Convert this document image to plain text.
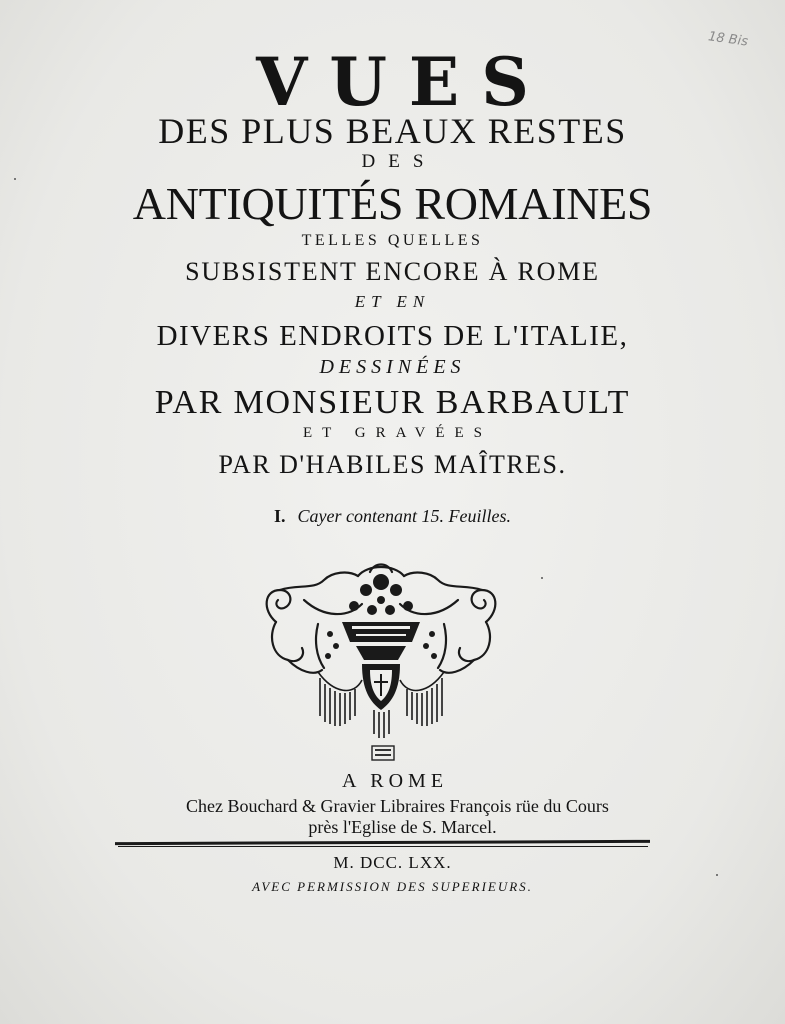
18 Bis
VUES
DES PLUS BEAUX RESTES
DES
ANTIQUITÉS ROMAINES
TELLES QUELLES
SUBSISTENT ENCORE À ROME
ET EN
DIVERS ENDROITS DE L'ITALIE,
DESSINÉES
PAR MONSIEUR BARBAULT
ET GRAVÉES
PAR D'HABILES MAÎTRES.
I. Cayer contenant 15. Feuilles.
A ROME
Chez Bouchard & Gravier Libraires François rüe du Cours
près l'Eglise de S. Marcel.
M. DCC. LXX.
AVEC PERMISSION DES SUPERIEURS.
